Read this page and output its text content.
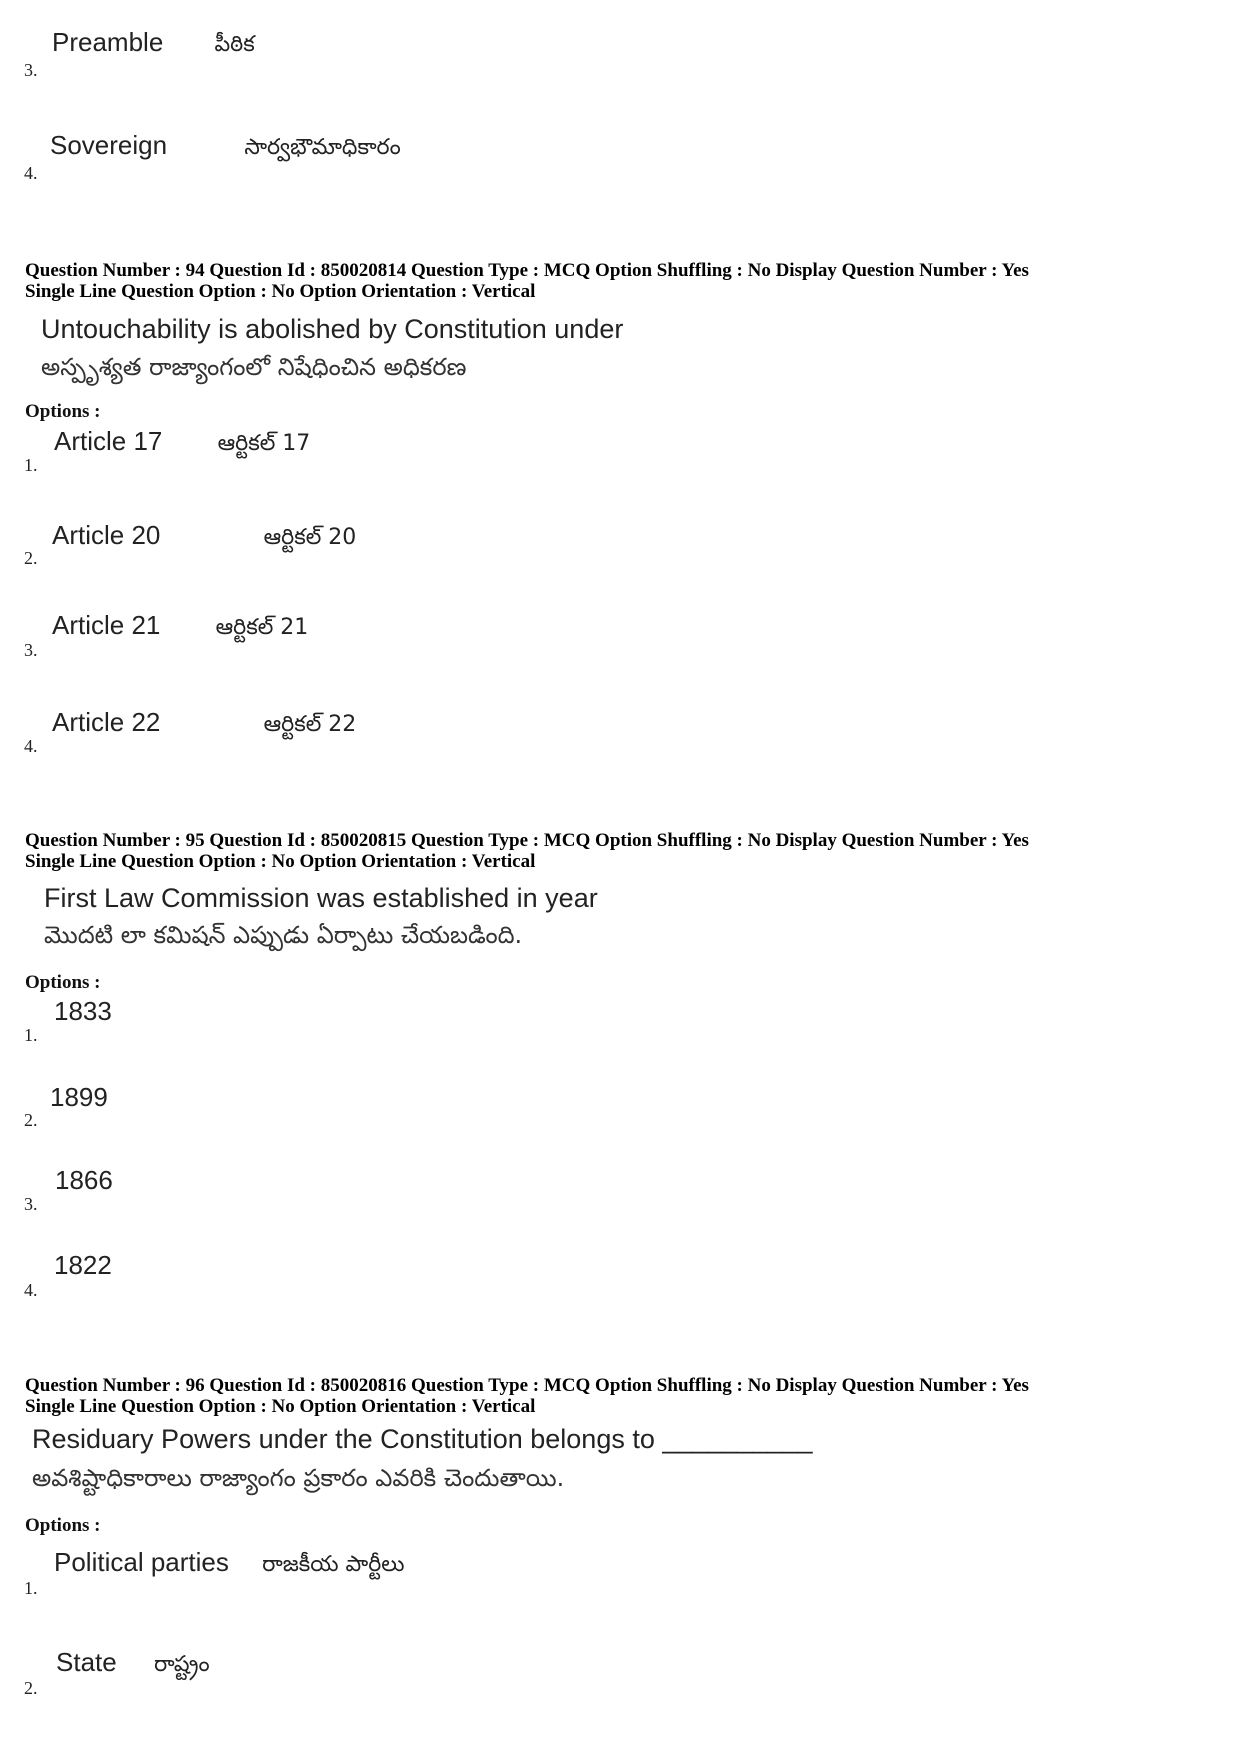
Preamble పీఠిక
3.
Sovereign	సార్వభౌమాధికారం
4.
Question Number : 94 Question Id : 850020814 Question Type : MCQ Option Shuffling : No Display Question Number : Yes
Single Line Question Option : No Option Orientation : Vertical
Untouchability is abolished by Constitution under
అస్పృశ్యత రాజ్యాంగంలో నిషేధించిన అధికరణ
Options :
Article 17	ఆర్టికల్ 17
1.
Article 20	ఆర్టికల్ 20
2.
Article 21	ఆర్టికల్ 21
3.
Article 22	ఆర్టికల్ 22
4.
Question Number : 95 Question Id : 850020815 Question Type : MCQ Option Shuffling : No Display Question Number : Yes
Single Line Question Option : No Option Orientation : Vertical
First Law Commission was established in year
మొదటి లా కమిషన్ ఎప్పుడు ఏర్పాటు చేయబడింది.
Options :
1833
1.
1899
2.
1866
3.
1822
4.
Question Number : 96 Question Id : 850020816 Question Type : MCQ Option Shuffling : No Display Question Number : Yes
Single Line Question Option : No Option Orientation : Vertical
Residuary Powers under the Constitution belongs to __________
అవశిష్టాధికారాలు రాజ్యాంగం ప్రకారం ఎవరికి చెందుతాయి.
Options :
Political parties రాజకీయ పార్టీలు
1.
State రాష్ట్రం
2.
